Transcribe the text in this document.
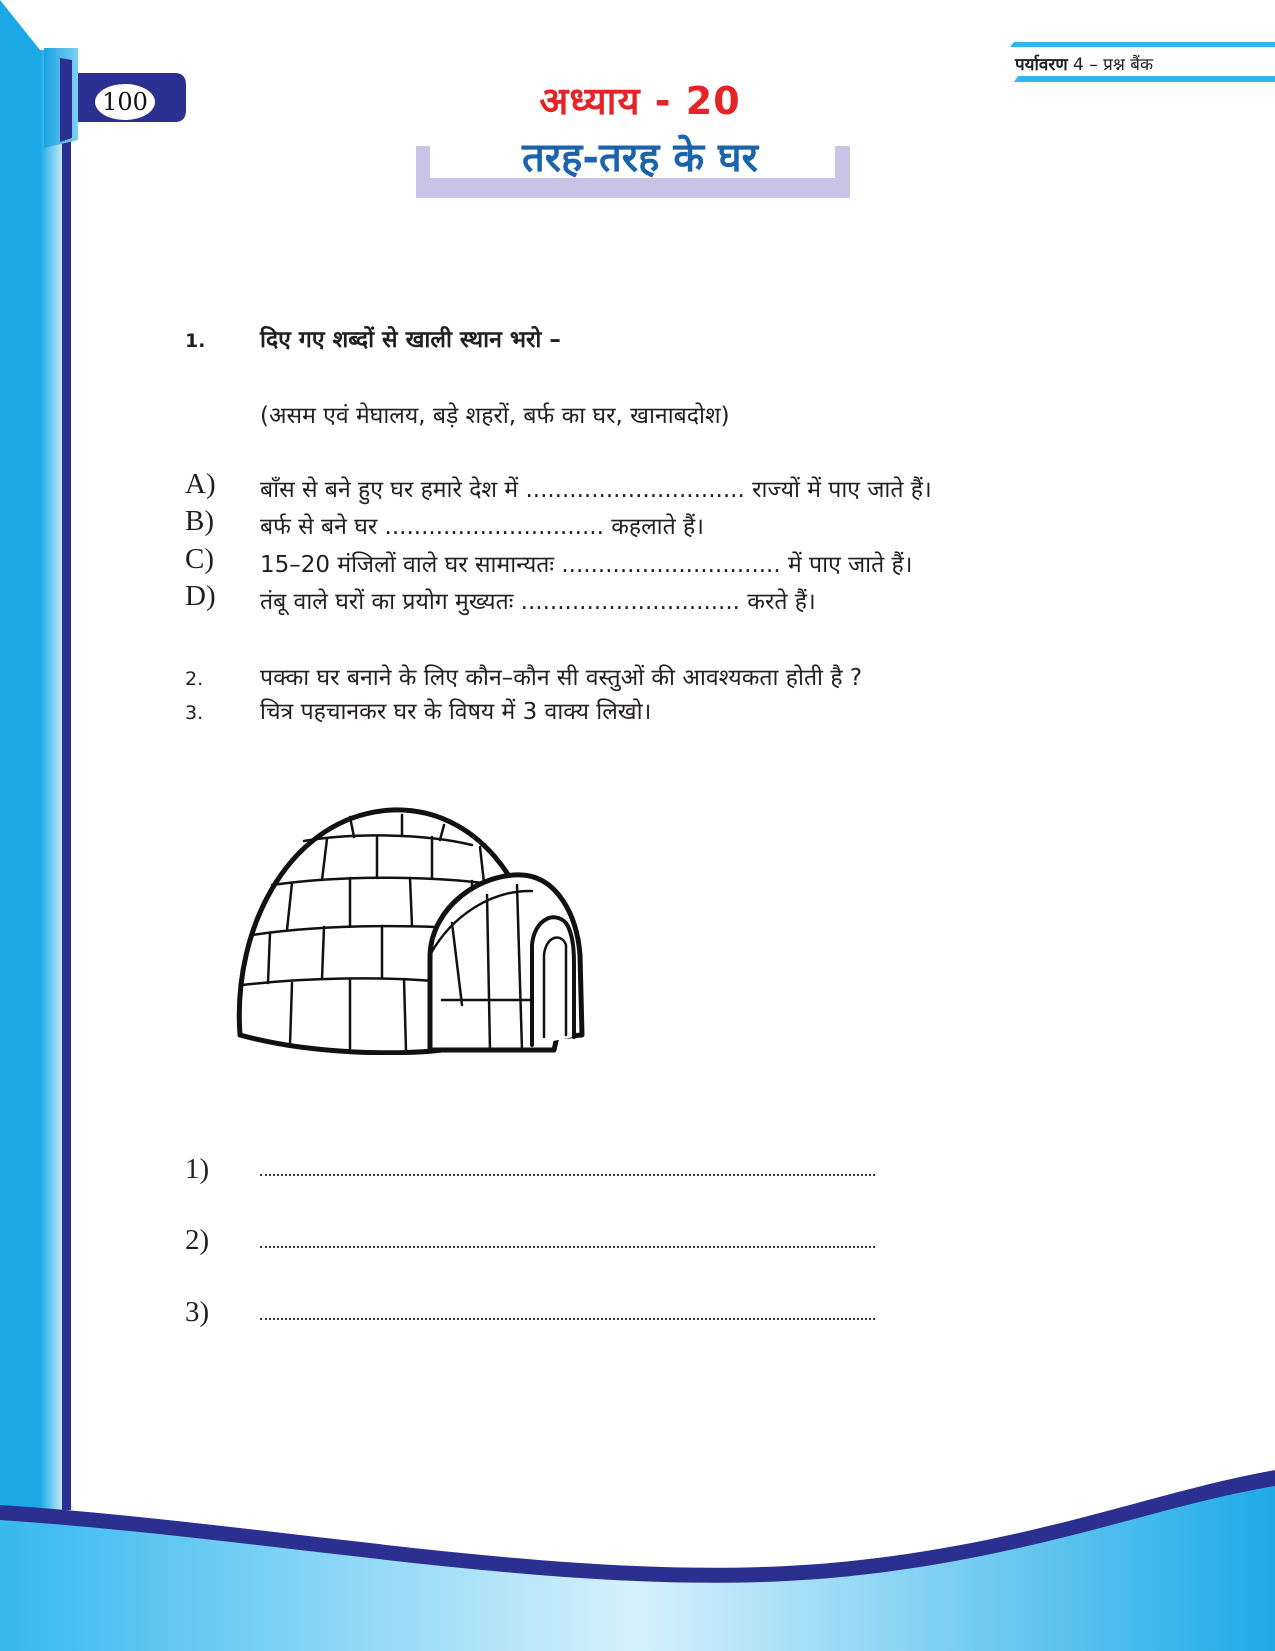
100
पर्यावरण 4 – प्रश्न बैंक
अध्याय - 20
तरह-तरह के घर
1. दिए गए शब्दों से खाली स्थान भरो –
(असम एवं मेघालय, बड़े शहरों, बर्फ का घर, खानाबदोश)
A) बाँस से बने हुए घर हमारे देश में .............................. राज्यों में पाए जाते हैं।
B) बर्फ से बने घर .............................. कहलाते हैं।
C) 15–20 मंजिलों वाले घर सामान्यतः .............................. में पाए जाते हैं।
D) तंबू वाले घरों का प्रयोग मुख्यतः .............................. करते हैं।
2. पक्का घर बनाने के लिए कौन–कौन सी वस्तुओं की आवश्यकता होती है ?
3. चित्र पहचानकर घर के विषय में 3 वाक्य लिखो।
1)
2)
3)
